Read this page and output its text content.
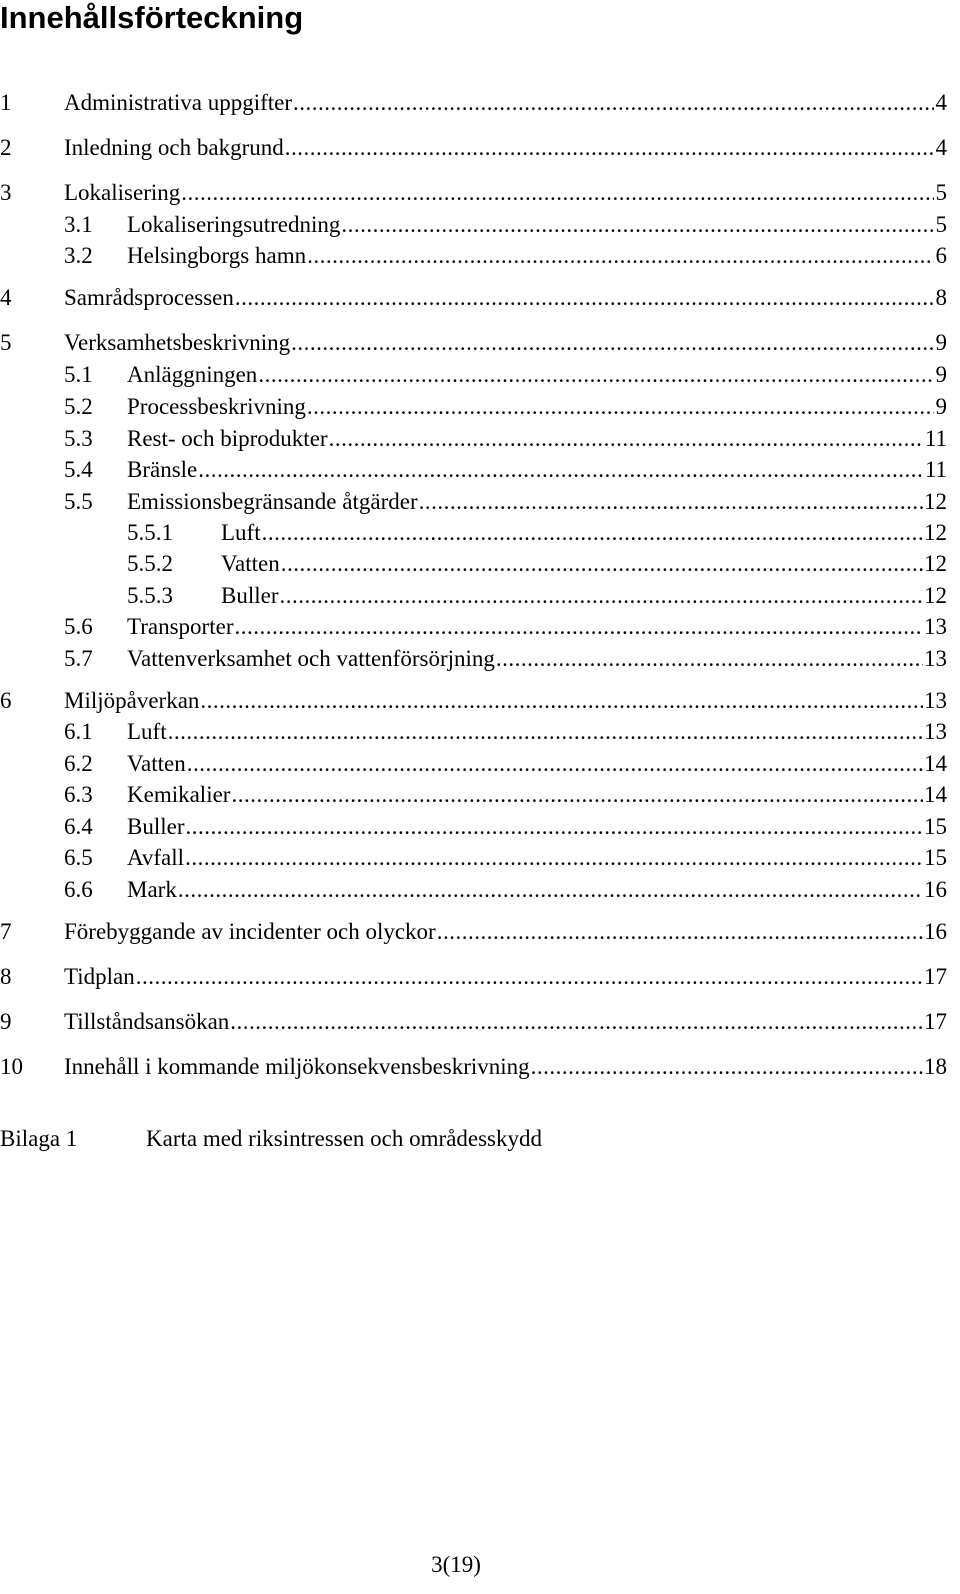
Innehållsförteckning
1 Administrativa uppgifter .....	4
2 Inledning och bakgrund .....	4
3 Lokalisering .....	5
3.1 Lokaliseringsutredning .....	5
3.2 Helsingborgs hamn .....	6
4 Samrådsprocessen .....	8
5 Verksamhetsbeskrivning .....	9
5.1 Anläggningen .....	9
5.2 Processbeskrivning .....	9
5.3 Rest- och biprodukter .....	11
5.4 Bränsle .....	11
5.5 Emissionsbegränsande åtgärder .....	12
5.5.1 Luft .....	12
5.5.2 Vatten .....	12
5.5.3 Buller .....	12
5.6 Transporter .....	13
5.7 Vattenverksamhet och vattenförsörjning .....	13
6 Miljöpåverkan .....	13
6.1 Luft .....	13
6.2 Vatten .....	14
6.3 Kemikalier .....	14
6.4 Buller .....	15
6.5 Avfall .....	15
6.6 Mark .....	16
7 Förebyggande av incidenter och olyckor .....	16
8 Tidplan .....	17
9 Tillståndsansökan .....	17
10 Innehåll i kommande miljökonsekvensbeskrivning .....	18
Bilaga 1	Karta med riksintressen och områdesskydd
3(19)
